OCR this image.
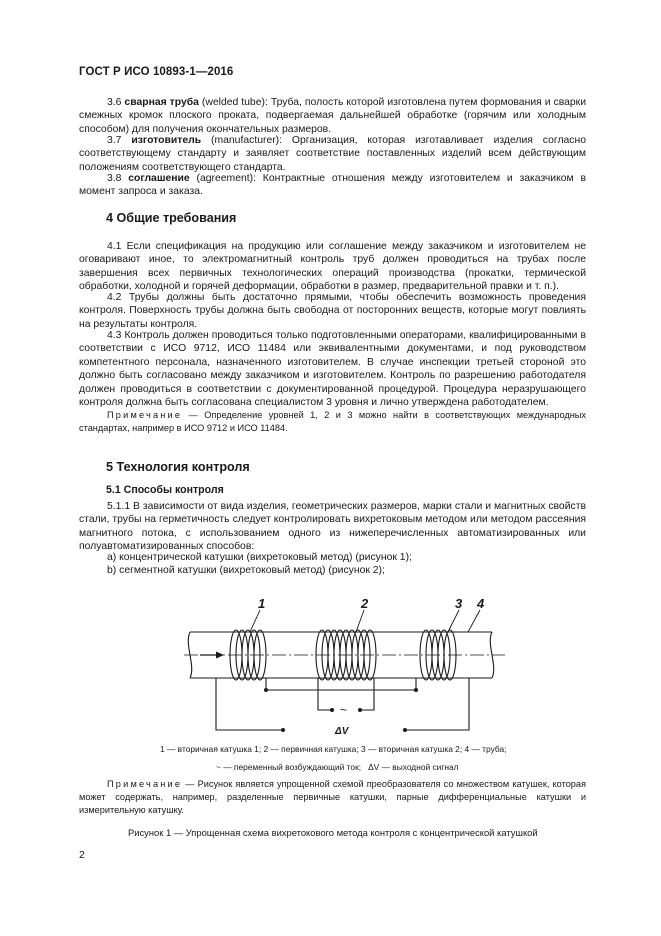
ГОСТ Р ИСО 10893-1—2016
3.6 сварная труба (welded tube): Труба, полость которой изготовлена путем формования и сварки смежных кромок плоского проката, подвергаемая дальнейшей обработке (горячим или холодным способом) для получения окончательных размеров.
3.7 изготовитель (manufacturer): Организация, которая изготавливает изделия согласно соответствующему стандарту и заявляет соответствие поставленных изделий всем действующим положениям соответствующего стандарта.
3.8 соглашение (agreement): Контрактные отношения между изготовителем и заказчиком в момент запроса и заказа.
4 Общие требования
4.1 Если спецификация на продукцию или соглашение между заказчиком и изготовителем не оговаривают иное, то электромагнитный контроль труб должен проводиться на трубах после завершения всех первичных технологических операций производства (прокатки, термической обработки, холодной и горячей деформации, обработки в размер, предварительной правки и т. п.).
4.2 Трубы должны быть достаточно прямыми, чтобы обеспечить возможность проведения контроля. Поверхность трубы должна быть свободна от посторонних веществ, которые могут повлиять на результаты контроля.
4.3 Контроль должен проводиться только подготовленными операторами, квалифицированными в соответствии с ИСО 9712, ИСО 11484 или эквивалентными документами, и под руководством компетентного персонала, назначенного изготовителем. В случае инспекции третьей стороной это должно быть согласовано между заказчиком и изготовителем. Контроль по разрешению работодателя должен проводиться в соответствии с документированной процедурой. Процедура неразрушающего контроля должна быть согласована специалистом 3 уровня и лично утверждена работодателем.
Примечание — Определение уровней 1, 2 и 3 можно найти в соответствующих международных стандартах, например в ИСО 9712 и ИСО 11484.
5 Технология контроля
5.1 Способы контроля
5.1.1 В зависимости от вида изделия, геометрических размеров, марки стали и магнитных свойств стали, трубы на герметичность следует контролировать вихретоковым методом или методом рассеяния магнитного потока, с использованием одного из нижеперечисленных автоматизированных или полуавтоматизированных способов:
a) концентрической катушки (вихретоковый метод) (рисунок 1);
b) сегментной катушки (вихретоковый метод) (рисунок 2);
1	2	3 4
~
ΔV
1 — вторичная катушка 1; 2 — первичная катушка; 3 — вторичная катушка 2; 4 — труба;
~ — переменный возбуждающий ток; ΔV — выходной сигнал
Примечание — Рисунок является упрощенной схемой преобразователя со множеством катушек, которая может содержать, например, разделенные первичные катушки, парные дифференциальные катушки и измерительную катушку.
Рисунок 1 — Упрощенная схема вихретокового метода контроля с концентрической катушкой
2
